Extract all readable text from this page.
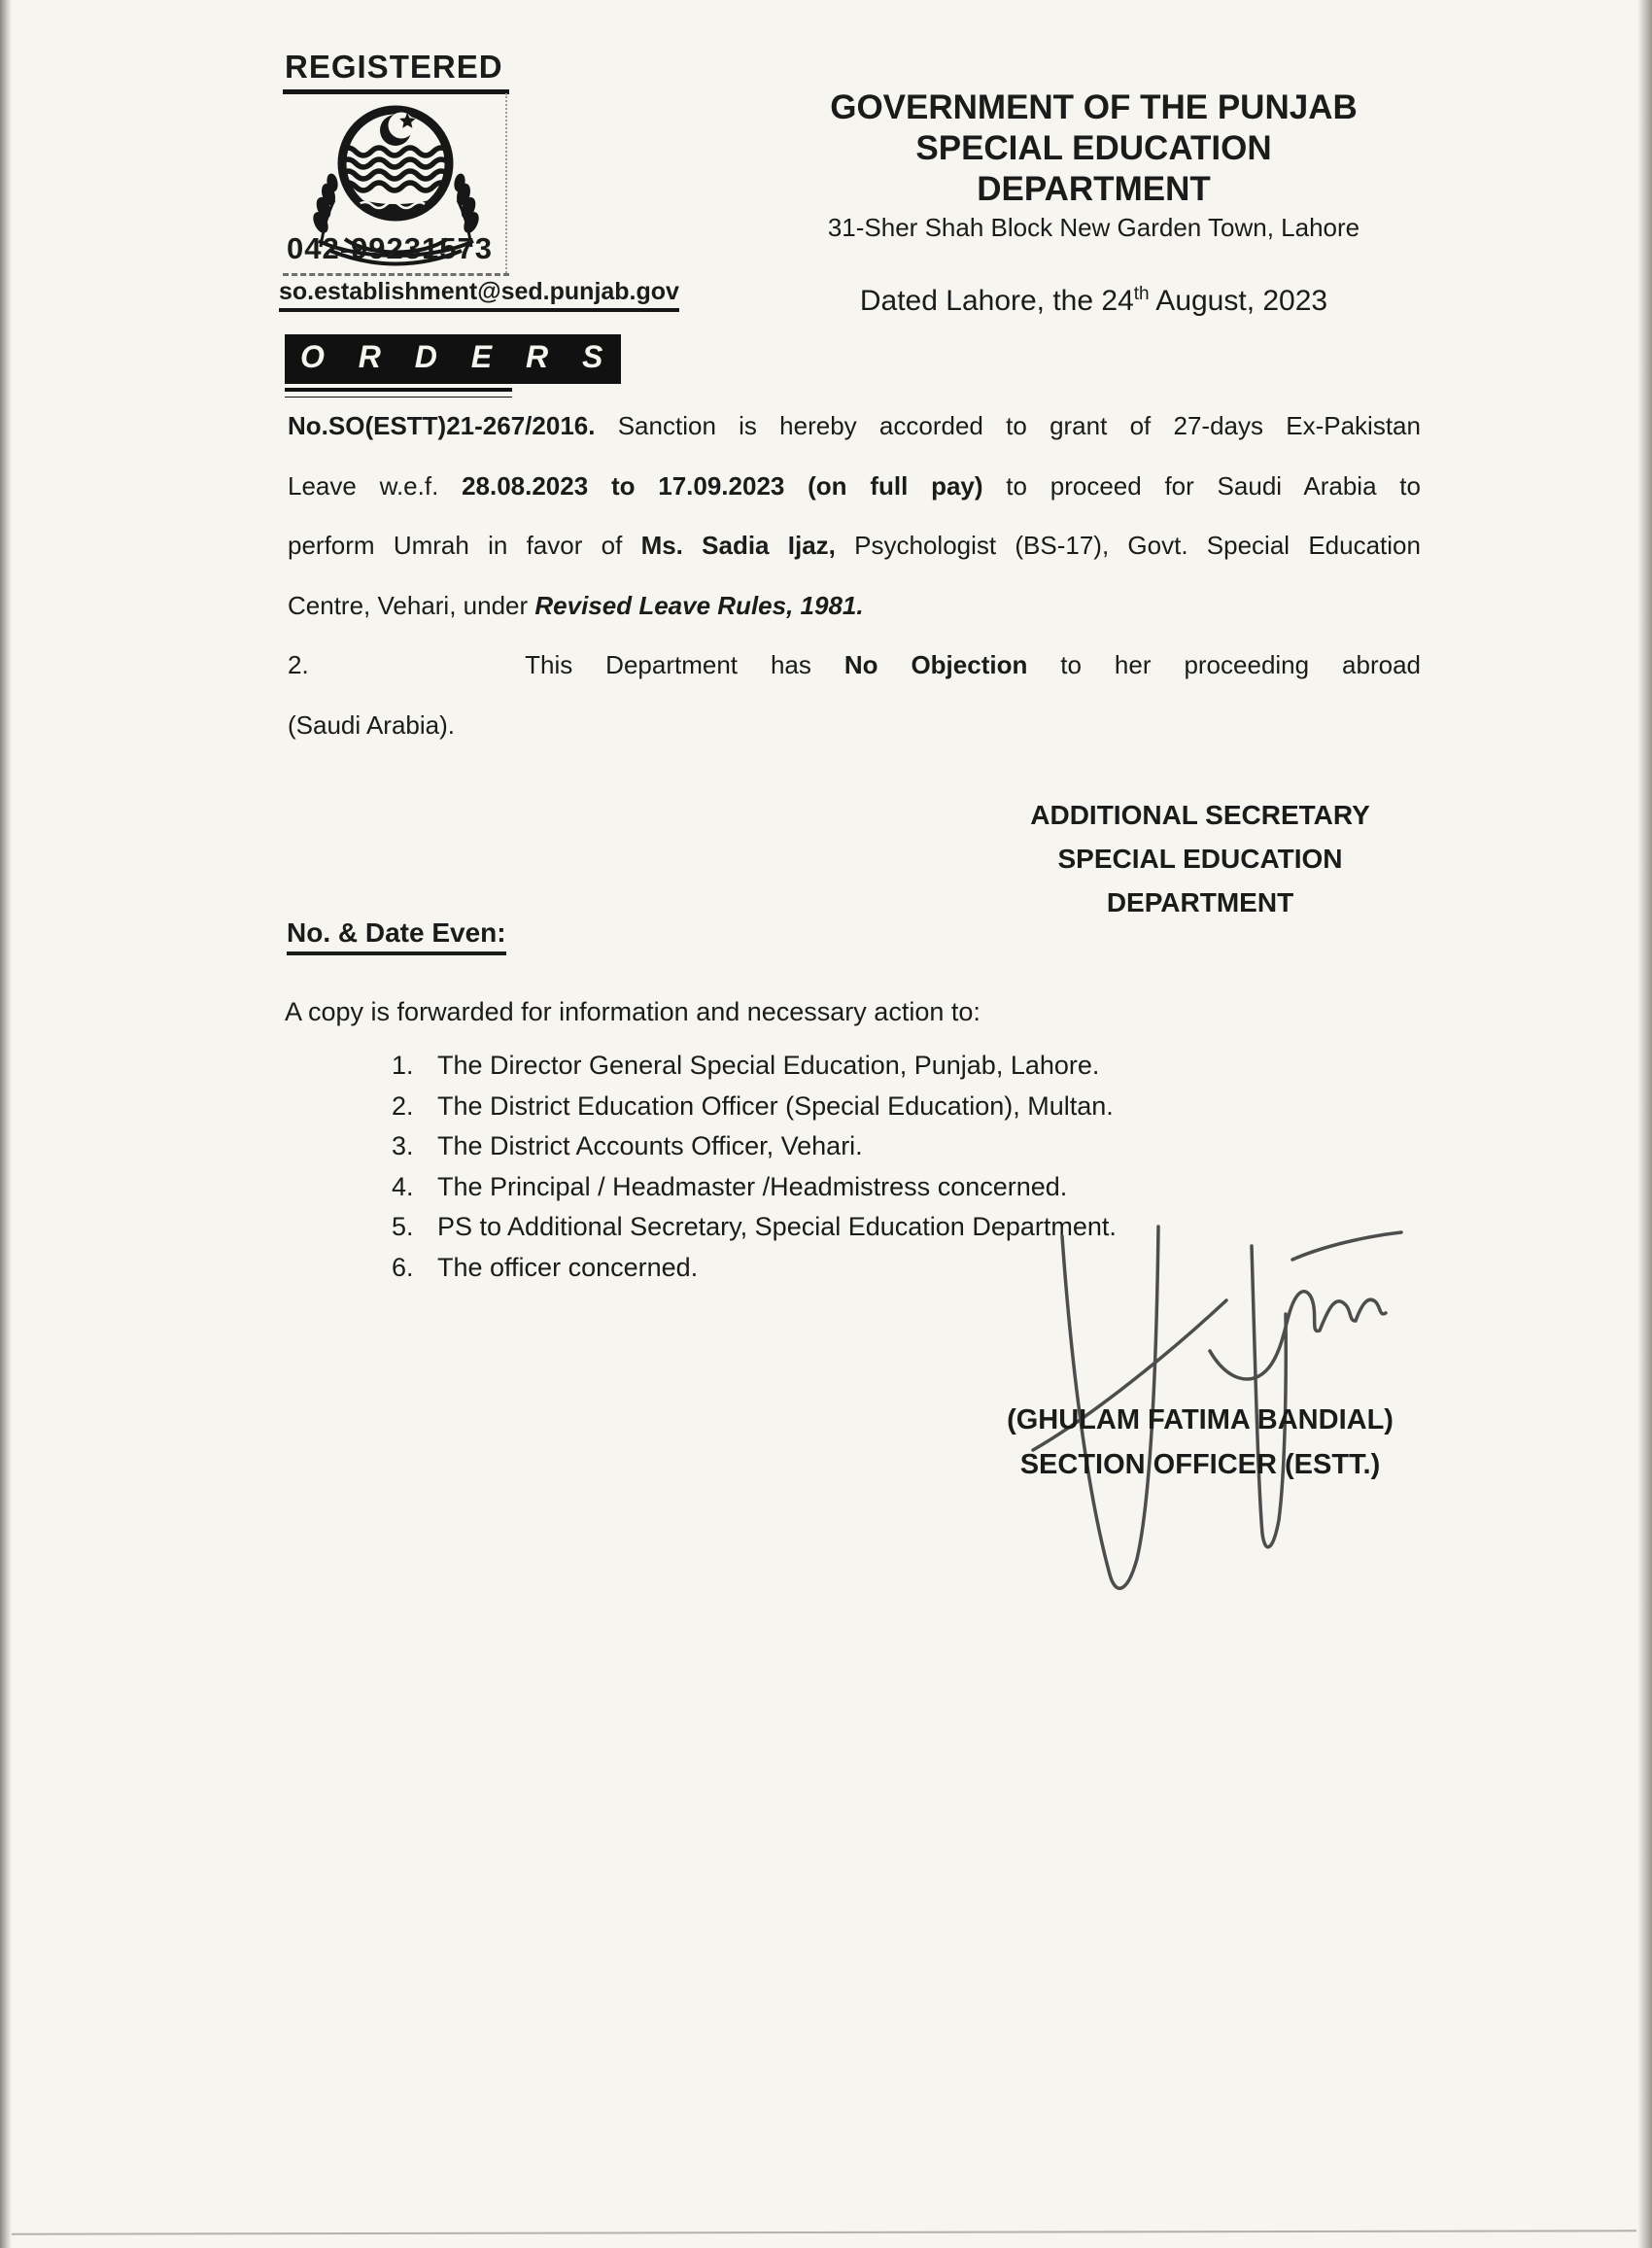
REGISTERED
042-99231573
so.establishment@sed.punjab.gov
GOVERNMENT OF THE PUNJAB
SPECIAL EDUCATION DEPARTMENT
31-Sher Shah Block New Garden Town, Lahore
Dated Lahore, the 24th August, 2023
O R D E R S
No.SO(ESTT)21-267/2016. Sanction is hereby accorded to grant of 27-days Ex-Pakistan
Leave w.e.f. 28.08.2023 to 17.09.2023 (on full pay) to proceed for Saudi Arabia to
perform Umrah in favor of Ms. Sadia Ijaz, Psychologist (BS-17), Govt. Special Education
Centre, Vehari, under Revised Leave Rules, 1981.
2.	This Department has No Objection to her proceeding abroad
(Saudi Arabia).
ADDITIONAL SECRETARY
SPECIAL EDUCATION
DEPARTMENT
No. & Date Even:
A copy is forwarded for information and necessary action to:
1. The Director General Special Education, Punjab, Lahore.
2. The District Education Officer (Special Education), Multan.
3. The District Accounts Officer, Vehari.
4. The Principal / Headmaster /Headmistress concerned.
5. PS to Additional Secretary, Special Education Department.
6. The officer concerned.
(GHULAM FATIMA BANDIAL)
SECTION OFFICER (ESTT.)
